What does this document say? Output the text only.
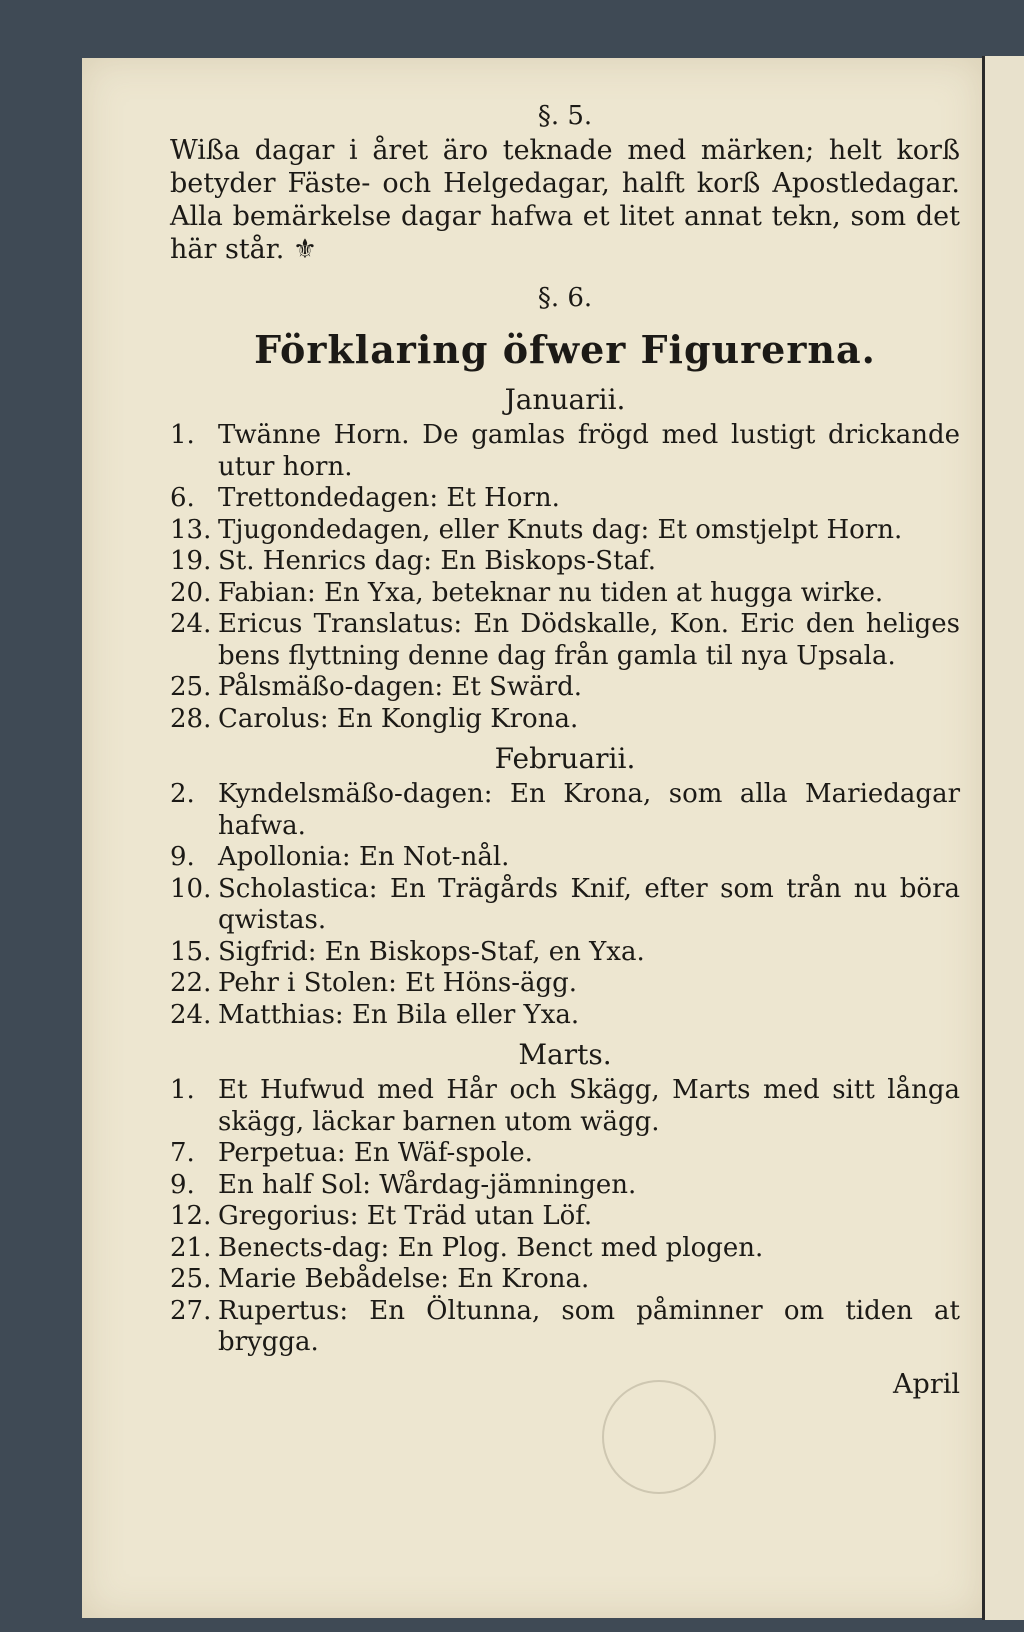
§. 5.

Wißa dagar i året äro teknade med märken; helt korß betyder Fäste- och Helgedagar, halft korß Apostledagar. Alla bemärkelse dagar hafwa et litet annat tekn, som det här står. ⚜

§. 6.

Förklaring öfwer Figurerna.

Januarii.

1. Twänne Horn. De gamlas frögd med lustigt drickande utur horn.
6. Trettondedagen: Et Horn.
13. Tjugondedagen, eller Knuts dag: Et omstjelpt Horn.
19. St. Henrics dag: En Biskops-Staf.
20. Fabian: En Yxa, beteknar nu tiden at hugga wirke.
24. Ericus Translatus: En Dödskalle, Kon. Eric den heliges bens flyttning denne dag från gamla til nya Upsala.
25. Pålsmäßo-dagen: Et Swärd.
28. Carolus: En Konglig Krona.

Februarii.

2. Kyndelsmäßo-dagen: En Krona, som alla Mariedagar hafwa.
9. Apollonia: En Not-nål.
10. Scholastica: En Trägårds Knif, efter som trån nu böra qwistas.
15. Sigfrid: En Biskops-Staf, en Yxa.
22. Pehr i Stolen: Et Höns-ägg.
24. Matthias: En Bila eller Yxa.

Marts.

1. Et Hufwud med Hår och Skägg, Marts med sitt långa skägg, läckar barnen utom wägg.
7. Perpetua: En Wäf-spole.
9. En half Sol: Wårdag-jämningen.
12. Gregorius: Et Träd utan Löf.
21. Benects-dag: En Plog. Benct med plogen.
25. Marie Bebådelse: En Krona.
27. Rupertus: En Öltunna, som påminner om tiden at brygga.
April
